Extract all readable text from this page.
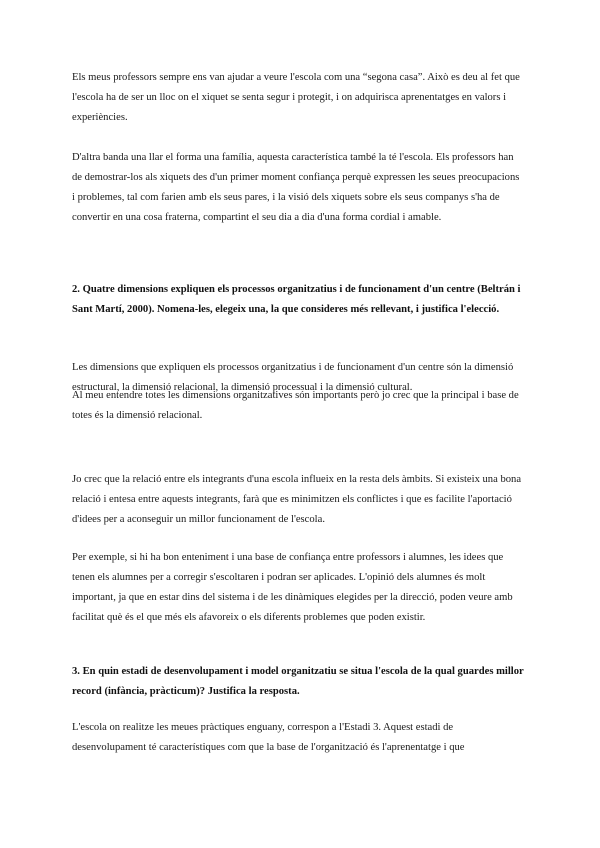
Els meus professors sempre ens van ajudar a veure l'escola com una “segona casa”. Això es deu al fet que l'escola ha de ser un lloc on el xiquet se senta segur i protegit, i on adquirisca aprenentatges en valors i experiències.

D'altra banda una llar el forma una família, aquesta característica també la té l'escola. Els professors han de demostrar-los als xiquets des d'un primer moment confiança perquè expressen les seues preocupacions i problemes, tal com farien amb els seus pares, i la visió dels xiquets sobre els seus companys s'ha de convertir en una cosa fraterna, compartint el seu dia a dia d'una forma cordial i amable.

2. Quatre dimensions expliquen els processos organitzatius i de funcionament d'un centre (Beltrán i Sant Martí, 2000). Nomena-les, elegeix una, la que consideres més rellevant, i justifica l'elecció.

Les dimensions que expliquen els processos organitzatius i de funcionament d'un centre són la dimensió estructural, la dimensió relacional, la dimensió processual i la dimensió cultural.

Al meu entendre totes les dimensions organitzatives són importants però jo crec que la principal i base de totes és la dimensió relacional.

Jo crec que la relació entre els integrants d'una escola influeix en la resta dels àmbits. Si existeix una bona relació i entesa entre aquests integrants, farà que es minimitzen els conflictes i que es facilite l'aportació d'idees per a aconseguir un millor funcionament de l'escola.

Per exemple, si hi ha bon enteniment i una base de confiança entre professors i alumnes, les idees que tenen els alumnes per a corregir s'escoltaren i podran ser aplicades. L'opinió dels alumnes és molt important, ja que en estar dins del sistema i de les dinàmiques elegides per la direcció, poden veure amb facilitat què és el que més els afavoreix o els diferents problemes que poden existir.

3. En quin estadi de desenvolupament i model organitzatiu se situa l'escola de la qual guardes millor record (infància, pràcticum)? Justifica la resposta.

L'escola on realitze les meues pràctiques enguany, correspon a l'Estadi 3. Aquest estadi de desenvolupament té característiques com que la base de l'organització és l'aprenentatge i que
